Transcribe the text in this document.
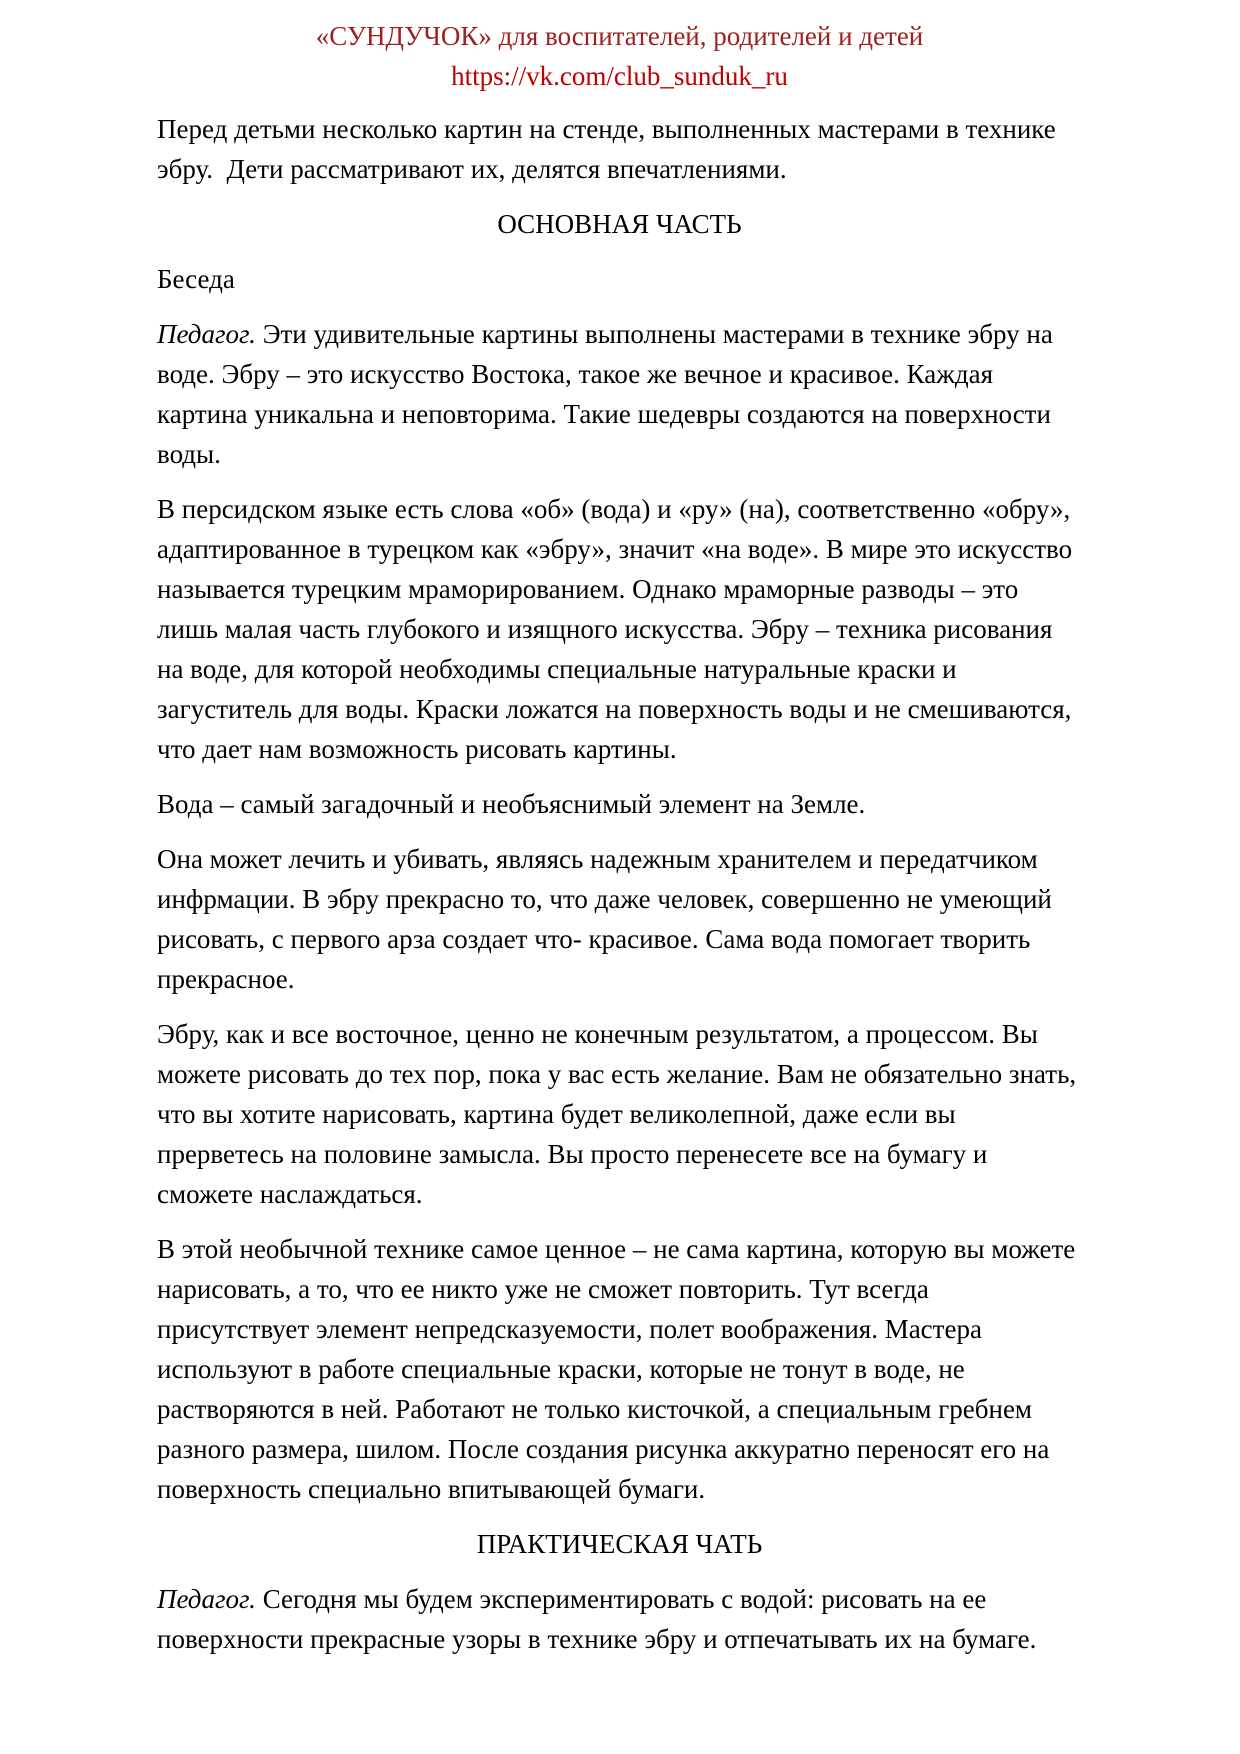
«СУНДУЧОК» для воспитателей, родителей и детей
https://vk.com/club_sunduk_ru

Перед детьми несколько картин на стенде, выполненных мастерами в технике эбру.  Дети рассматривают их, делятся впечатлениями.

ОСНОВНАЯ ЧАСТЬ
Беседа

Педагог. Эти удивительные картины выполнены мастерами в технике эбру на воде. Эбру – это искусство Востока, такое же вечное и красивое. Каждая картина уникальна и неповторима. Такие шедевры создаются на поверхности воды.

В персидском языке есть слова «об» (вода) и «ру» (на), соответственно «обру», адаптированное в турецком как «эбру», значит «на воде». В мире это искусство называется турецким мраморированием. Однако мраморные разводы – это лишь малая часть глубокого и изящного искусства. Эбру – техника рисования на воде, для которой необходимы специальные натуральные краски и загуститель для воды. Краски ложатся на поверхность воды и не смешиваются, что дает нам возможность рисовать картины.

Вода – самый загадочный и необъяснимый элемент на Земле.

Она может лечить и убивать, являясь надежным хранителем и передатчиком инфрмации. В эбру прекрасно то, что даже человек, совершенно не умеющий рисовать, с первого арза создает что- красивое. Сама вода помогает творить прекрасное.

Эбру, как и все восточное, ценно не конечным результатом, а процессом. Вы можете рисовать до тех пор, пока у вас есть желание. Вам не обязательно знать, что вы хотите нарисовать, картина будет великолепной, даже если вы прерветесь на половине замысла. Вы просто перенесете все на бумагу и сможете наслаждаться.

В этой необычной технике самое ценное – не сама картина, которую вы можете нарисовать, а то, что ее никто уже не сможет повторить. Тут всегда присутствует элемент непредсказуемости, полет воображения. Мастера используют в работе специальные краски, которые не тонут в воде, не растворяются в ней. Работают не только кисточкой, а специальным гребнем разного размера, шилом. После создания рисунка аккуратно переносят его на поверхность специально впитывающей бумаги.

ПРАКТИЧЕСКАЯ ЧАТЬ

Педагог. Сегодня мы будем экспериментировать с водой: рисовать на ее поверхности прекрасные узоры в технике эбру и отпечатывать их на бумаге.
